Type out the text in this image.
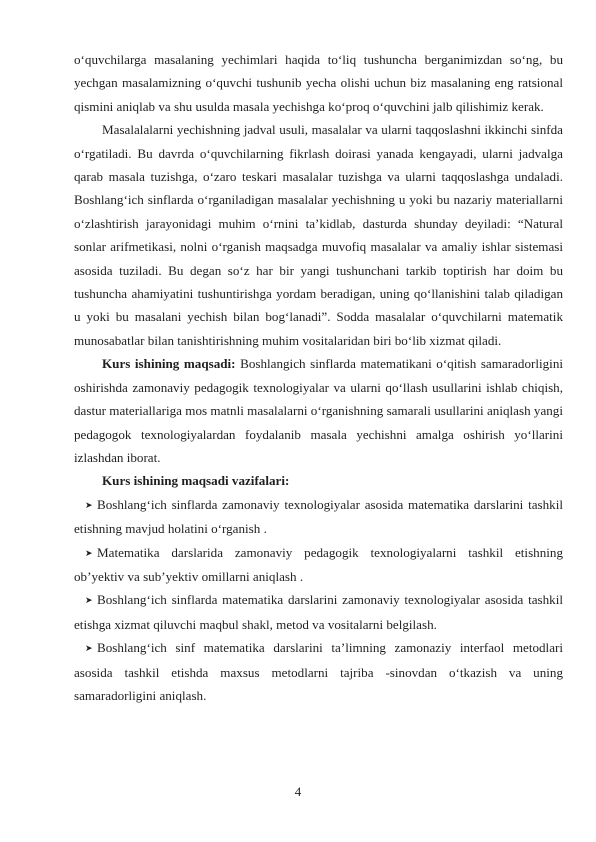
o‘quvchilarga masalaning yechimlari haqida to‘liq tushuncha berganimizdan so‘ng, bu yechgan masalamizning o‘quvchi tushunib yecha olishi uchun biz masalaning eng ratsional qismini aniqlab va shu usulda masala yechishga ko‘proq o‘quvchini jalb qilishimiz kerak.

Masalalalarni yechishning jadval usuli, masalalar va ularni taqqoslashni ikkinchi sinfda o‘rgatiladi. Bu davrda o‘quvchilarning fikrlash doirasi yanada kengayadi, ularni jadvalga qarab masala tuzishga, o‘zaro teskari masalalar tuzishga va ularni taqqoslashga undaladi. Boshlang‘ich sinflarda o‘rganiladigan masalalar yechishning u yoki bu nazariy materiallarni o‘zlashtirish jarayonidagi muhim o‘rnini ta’kidlab, dasturda shunday deyiladi: “Natural sonlar arifmetikasi, nolni o‘rganish maqsadga muvofiq masalalar va amaliy ishlar sistemasi asosida tuziladi. Bu degan so‘z har bir yangi tushunchani tarkib toptirish har doim bu tushuncha ahamiyatini tushuntirishga yordam beradigan, uning qo‘llanishini talab qiladigan u yoki bu masalani yechish bilan bog‘lanadi”. Sodda masalalar o‘quvchilarni matematik munosabatlar bilan tanishtirishning muhim vositalaridan biri bo‘lib xizmat qiladi.

Kurs ishining maqsadi: Boshlangich sinflarda matematikani o‘qitish samaradorligini oshirishda zamonaviy pedagogik texnologiyalar va ularni qo‘llash usullarini ishlab chiqish, dastur materiallariga mos matnli masalalarni o‘rganishning samarali usullarini aniqlash yangi pedagogok texnologiyalardan foydalanib masala yechishni amalga oshirish yo‘llarini izlashdan iborat.

Kurs ishining maqsadi vazifalari:

➤ Boshlang‘ich sinflarda zamonaviy texnologiyalar asosida matematika darslarini tashkil etishning mavjud holatini o‘rganish .

➤ Matematika darslarida zamonaviy pedagogik texnologiyalarni tashkil etishning ob’yektiv va sub’yektiv omillarni aniqlash .

➤ Boshlang‘ich sinflarda matematika darslarini zamonaviy texnologiyalar asosida tashkil etishga xizmat qiluvchi maqbul shakl, metod va vositalarni belgilash.

➤ Boshlang‘ich sinf matematika darslarini ta’limning zamonaziy interfaol metodlari asosida tashkil etishda maxsus metodlarni tajriba -sinovdan o‘tkazish va uning samaradorligini aniqlash.

4
